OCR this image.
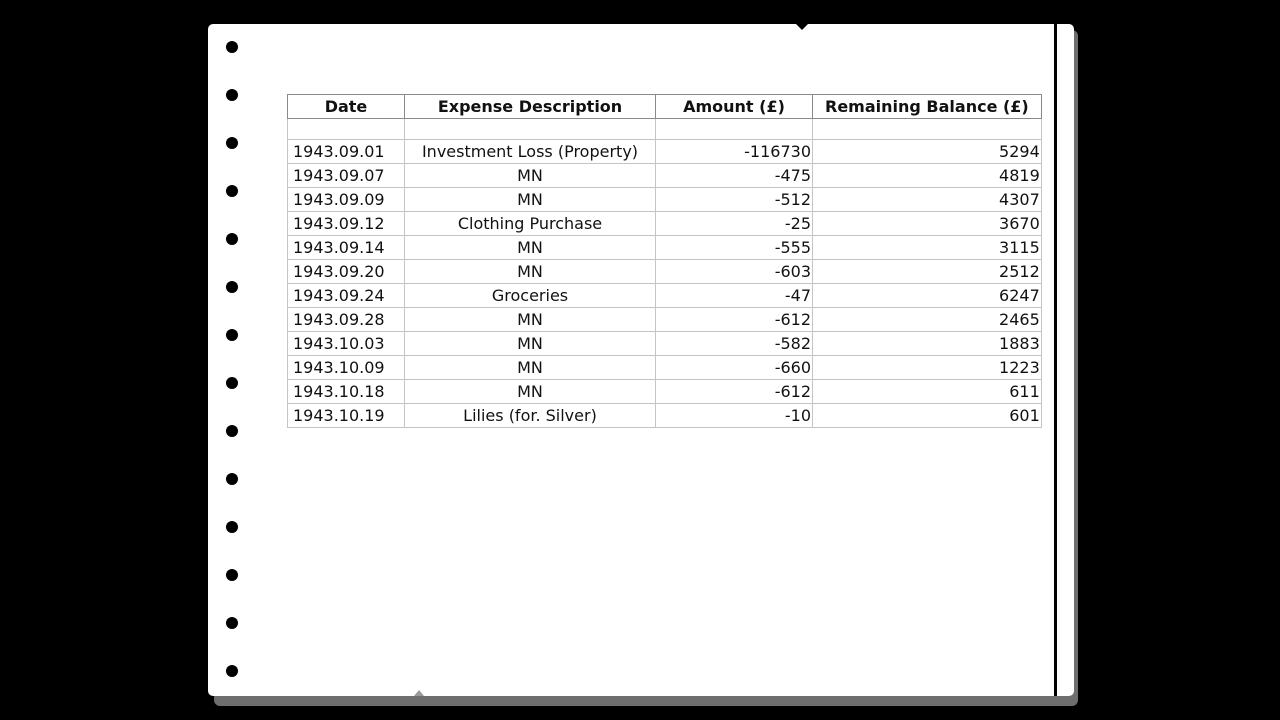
Date	Expense Description	Amount (£)	Remaining Balance (£)

1943.09.01	Investment Loss (Property)	-116730	5294
1943.09.07	MN	-475	4819
1943.09.09	MN	-512	4307
1943.09.12	Clothing Purchase	-25	3670
1943.09.14	MN	-555	3115
1943.09.20	MN	-603	2512
1943.09.24	Groceries	-47	6247
1943.09.28	MN	-612	2465
1943.10.03	MN	-582	1883
1943.10.09	MN	-660	1223
1943.10.18	MN	-612	611
1943.10.19	Lilies (for. Silver)	-10	601
